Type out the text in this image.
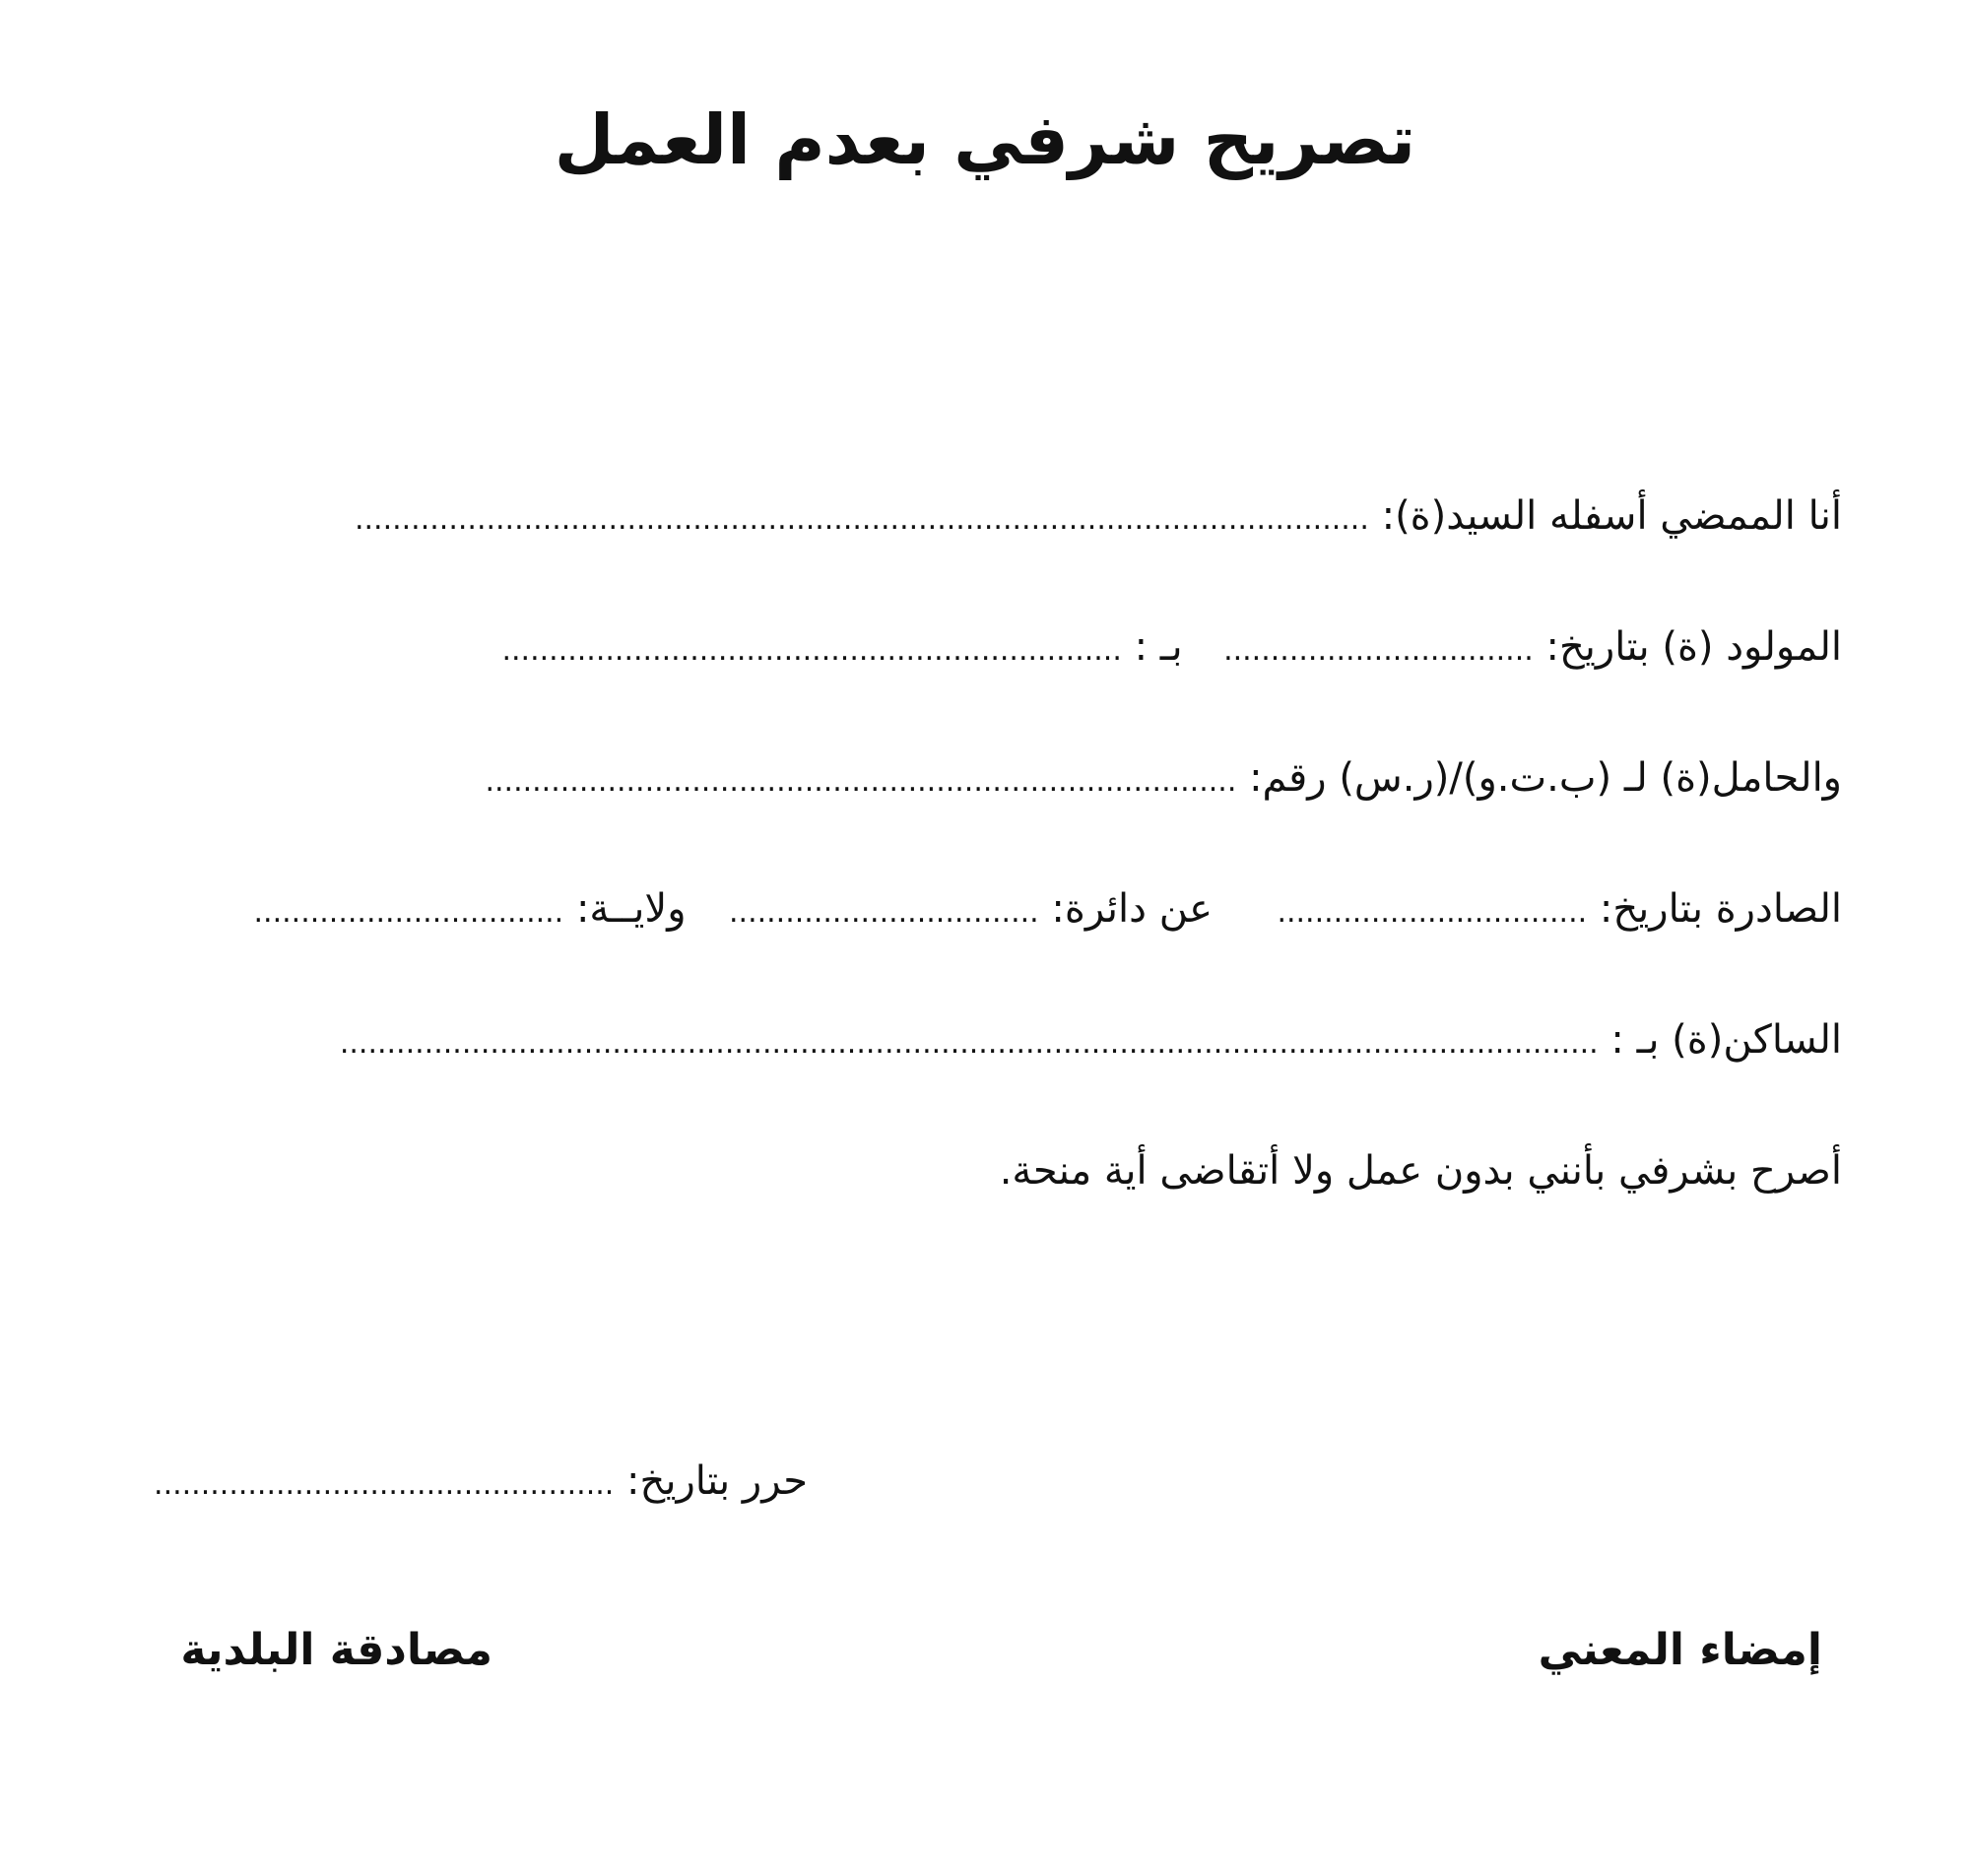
تصريح شرفي بعدم العمل
أنا الممضي أسفله السيد(ة): ............................................................................................................
المولود (ة) بتاريخ: .................................  بـ : ..................................................................
والحامل(ة) لـ (ب.ت.و)/(ر.س) رقم: ................................................................................
الصادرة بتاريخ: .................................  عن دائرة: .................................  ولايــة: .................................
الساكن(ة) بـ : ......................................................................................................................................
أصرح بشرفي بأنني بدون عمل ولا أتقاضى أية منحة.
حرر بتاريخ: .................................................
إمضاء المعني
مصادقة البلدية
